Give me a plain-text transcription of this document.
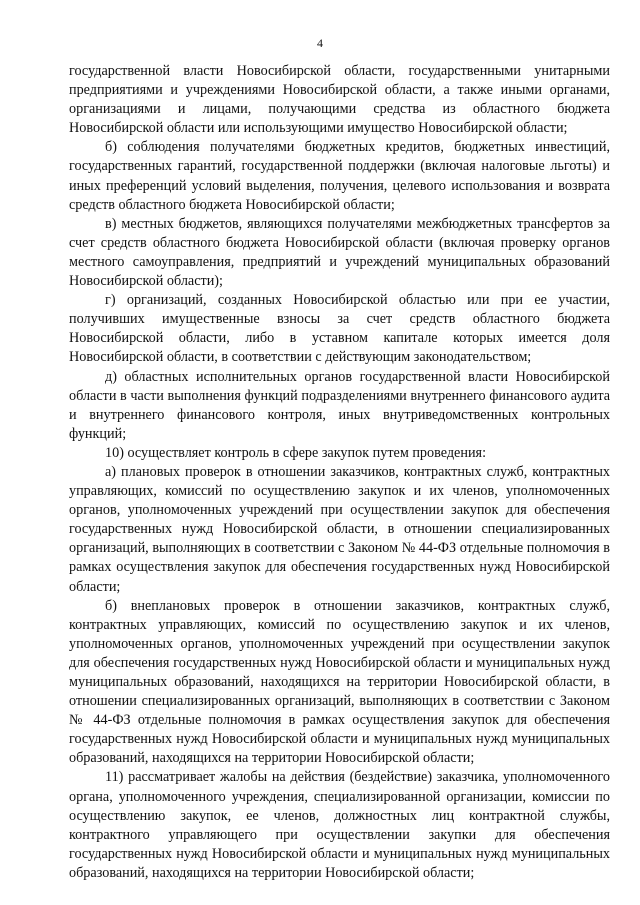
4

государственной власти Новосибирской области, государственными унитарными предприятиями и учреждениями Новосибирской области, а также иными органами, организациями и лицами, получающими средства из областного бюджета Новосибирской области или использующими имущество Новосибирской области;

б) соблюдения получателями бюджетных кредитов, бюджетных инвестиций, государственных гарантий, государственной поддержки (включая налоговые льготы) и иных преференций условий выделения, получения, целевого использования и возврата средств областного бюджета Новосибирской области;

в) местных бюджетов, являющихся получателями межбюджетных трансфертов за счет средств областного бюджета Новосибирской области (включая проверку органов местного самоуправления, предприятий и учреждений муниципальных образований Новосибирской области);

г) организаций, созданных Новосибирской областью или при ее участии, получивших имущественные взносы за счет средств областного бюджета Новосибирской области, либо в уставном капитале которых имеется доля Новосибирской области, в соответствии с действующим законодательством;

д) областных исполнительных органов государственной власти Новосибирской области в части выполнения функций подразделениями внутреннего финансового аудита и внутреннего финансового контроля, иных внутриведомственных контрольных функций;

10) осуществляет контроль в сфере закупок путем проведения:

а) плановых проверок в отношении заказчиков, контрактных служб, контрактных управляющих, комиссий по осуществлению закупок и их членов, уполномоченных органов, уполномоченных учреждений при осуществлении закупок для обеспечения государственных нужд Новосибирской области, в отношении специализированных организаций, выполняющих в соответствии с Законом № 44-ФЗ отдельные полномочия в рамках осуществления закупок для обеспечения государственных нужд Новосибирской области;

б) внеплановых проверок в отношении заказчиков, контрактных служб, контрактных управляющих, комиссий по осуществлению закупок и их членов, уполномоченных органов, уполномоченных учреждений при осуществлении закупок для обеспечения государственных нужд Новосибирской области и муниципальных нужд муниципальных образований, находящихся на территории Новосибирской области, в отношении специализированных организаций, выполняющих в соответствии с Законом № 44-ФЗ отдельные полномочия в рамках осуществления закупок для обеспечения государственных нужд Новосибирской области и муниципальных нужд муниципальных образований, находящихся на территории Новосибирской области;

11) рассматривает жалобы на действия (бездействие) заказчика, уполномоченного органа, уполномоченного учреждения, специализированной организации, комиссии по осуществлению закупок, ее членов, должностных лиц контрактной службы, контрактного управляющего при осуществлении закупки для обеспечения государственных нужд Новосибирской области и муниципальных нужд муниципальных образований, находящихся на территории Новосибирской области;
